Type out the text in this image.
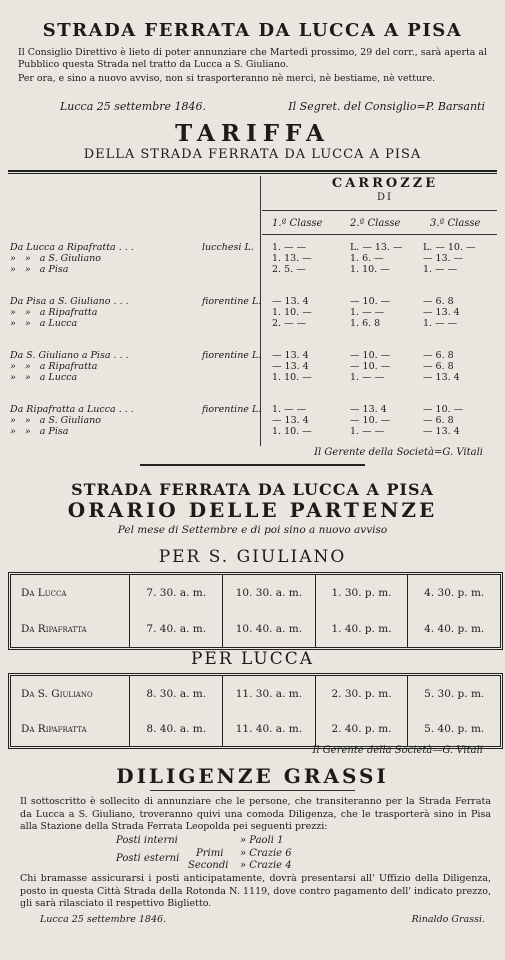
STRADA FERRATA DA LUCCA A PISA
Il Consiglio Direttivo è lieto di poter annunziare che Martedì prossimo, 29 del corr., sarà aperta al Pubblico questa Strada nel tratto da Lucca a S. Giuliano.
Per ora, e sino a nuovo avviso, non si trasporteranno nè merci, nè bestiame, nè vetture.
Lucca 25 settembre 1846.	Il Segret. del Consiglio=P. Barsanti
TARIFFA
DELLA STRADA FERRATA DA LUCCA A PISA
CARROZZE
DI
1.ª Classe	2.ª Classe	3.ª Classe
Da Lucca a Ripafratta . . .	lucchesi L. 1. — —	L. — 13. —	L. — 10. —
»   »   a S. Giuliano	1. 13. —	1. 6. —	— 13. —
»   »   a Pisa	2. 5. —	1. 10. —	1. — —
Da Pisa a S. Giuliano . . .	fiorentine L. — 13. 4	— 10. —	— 6. 8
»   »   a Ripafratta	1. 10. —	1. — —	— 13. 4
»   »   a Lucca	2. — —	1. 6. 8	1. — —
Da S. Giuliano a Pisa . . .	fiorentine L. — 13. 4	— 10. —	— 6. 8
»   »   a Ripafratta	— 13. 4	— 10. —	— 6. 8
»   »   a Lucca	1. 10. —	1. — —	— 13. 4
Da Ripafratta a Lucca . . .	fiorentine L. 1. — —	— 13. 4	— 10. —
»   »   a S. Giuliano	— 13. 4	— 10. —	— 6. 8
»   »   a Pisa	1. 10. —	1. — —	— 13. 4
Il Gerente della Società=G. Vitali
STRADA FERRATA DA LUCCA A PISA
ORARIO DELLE PARTENZE
Pel mese di Settembre e di poi sino a nuovo avviso
PER S. GIULIANO
Da Lucca	7. 30. a. m.	10. 30. a. m.	1. 30. p. m.	4. 30. p. m.
Da Ripafratta	7. 40. a. m.	10. 40. a. m.	1. 40. p. m.	4. 40. p. m.
PER LUCCA
Da S. Giuliano	8. 30. a. m.	11. 30. a. m.	2. 30. p. m.	5. 30. p. m.
Da Ripafratta	8. 40. a. m.	11. 40. a. m.	2. 40. p. m.	5. 40. p. m.
Il Gerente della Società—G. Vitali
DILIGENZE GRASSI
Il sottoscritto è sollecito di annunziare che le persone, che transiteranno per la Strada Ferrata da Lucca a S. Giuliano, troveranno quivi una comoda Diligenza, che le trasporterà sino in Pisa alla Stazione della Strada Ferrata Leopolda pei seguenti prezzi:
Posti interni	» Paoli 1
Posti esterni Primi » Crazie 6
Secondi » Crazie 4
Chi bramasse assicurarsi i posti anticipatamente, dovrà presentarsi all' Uffizio della Diligenza, posto in questa Città Strada della Rotonda N. 1119, dove contro pagamento dell' indicato prezzo, gli sarà rilasciato il respettivo Biglietto.
Lucca 25 settembre 1846.	Rinaldo Grassi.
